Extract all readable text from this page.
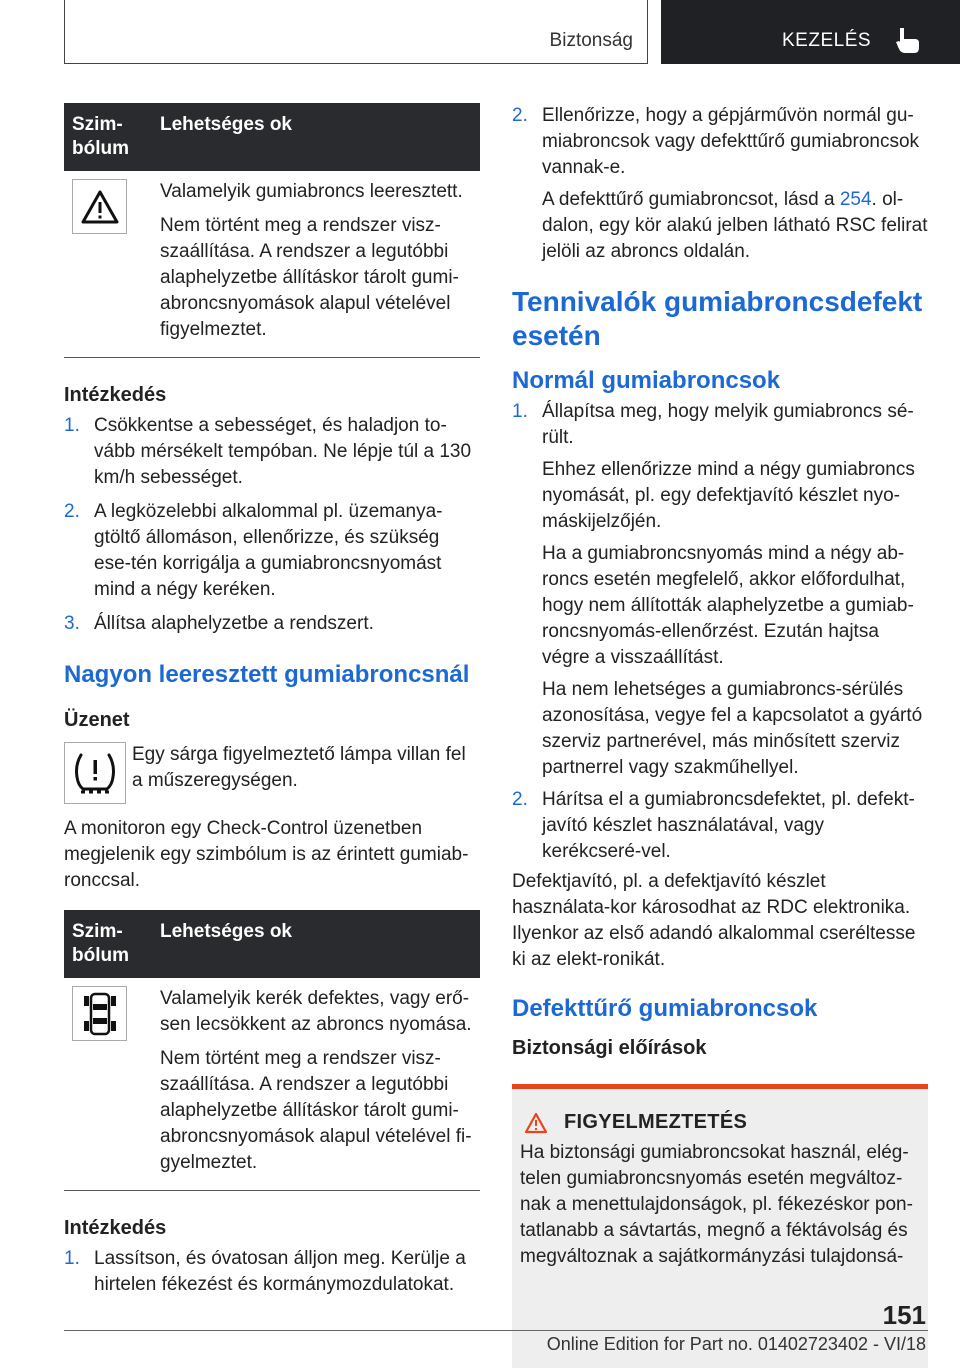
Biztonság	KEZELÉS
Szim-
bólum
Lehetséges ok

Valamelyik gumiabroncs leeresztett.

Nem történt meg a rendszer visz-szaállítása. A rendszer a legutóbbi alaphelyzetbe állításkor tárolt gumi-abroncsnyomások alapul vételével figyelmeztet.

Intézkedés

1. Csökkentse a sebességet, és haladjon to-vább mérsékelt tempóban. Ne lépje túl a 130 km/h sebességet.
2. A legközelebbi alkalommal pl. üzemanya-gtöltő állomáson, ellenőrizze, és szükség ese-tén korrigálja a gumiabroncsnyomást mind a négy keréken.
3. Állítsa alaphelyzetbe a rendszert.

Nagyon leeresztett gumiabroncsnál

Üzenet

Egy sárga figyelmeztető lámpa villan fel a műszeregységen.

A monitoron egy Check-Control üzenetben megjelenik egy szimbólum is az érintett gumiab-ronccsal.

Szim-
bólum
Lehetséges ok

Valamelyik kerék defektes, vagy erő-sen lecsökkent az abroncs nyomása.

Nem történt meg a rendszer visz-szaállítása. A rendszer a legutóbbi alaphelyzetbe állításkor tárolt gumi-abroncsnyomások alapul vételével fi-gyelmeztet.

Intézkedés

1. Lassítson, és óvatosan álljon meg. Kerülje a hirtelen fékezést és kormánymozdulatokat.
2. Ellenőrizze, hogy a gépjárművön normál gu-miabroncsok vagy defekttűrő gumiabroncsok vannak-e.

A defekttűrő gumiabroncsot, lásd a 254. ol-dalon, egy kör alakú jelben látható RSC felirat jelöli az abroncs oldalán.

Tennivalók gumiabroncsdefekt esetén

Normál gumiabroncsok

1. Állapítsa meg, hogy melyik gumiabroncs sé-rült.

Ehhez ellenőrizze mind a négy gumiabroncs nyomását, pl. egy defektjavító készlet nyo-máskijelzőjén.

Ha a gumiabroncsnyomás mind a négy ab-roncs esetén megfelelő, akkor előfordulhat, hogy nem állították alaphelyzetbe a gumiab-roncsnyomás-ellenőrzést. Ezután hajtsa végre a visszaállítást.

Ha nem lehetséges a gumiabroncs-sérülés azonosítása, vegye fel a kapcsolatot a gyártó szerviz partnerével, más minősített szerviz partnerrel vagy szakműhellyel.

2. Hárítsa el a gumiabroncsdefektet, pl. defekt-javító készlet használatával, vagy kerékcseré-vel.

Defektjavító, pl. a defektjavító készlet használata-kor károsodhat az RDC elektronika. Ilyenkor az első adandó alkalommal cseréltesse ki az elekt-ronikát.

Defekttűrő gumiabroncsok

Biztonsági előírások

FIGYELMEZTETÉS
Ha biztonsági gumiabroncsokat használ, elég-telen gumiabroncsnyomás esetén megváltoz-nak a menettulajdonságok, pl. fékezéskor pon-tatlanabb a sávtartás, megnő a féktávolság és megváltoznak a sajátkormányzási tulajdonsá-
151
Online Edition for Part no. 01402723402 - VI/18
